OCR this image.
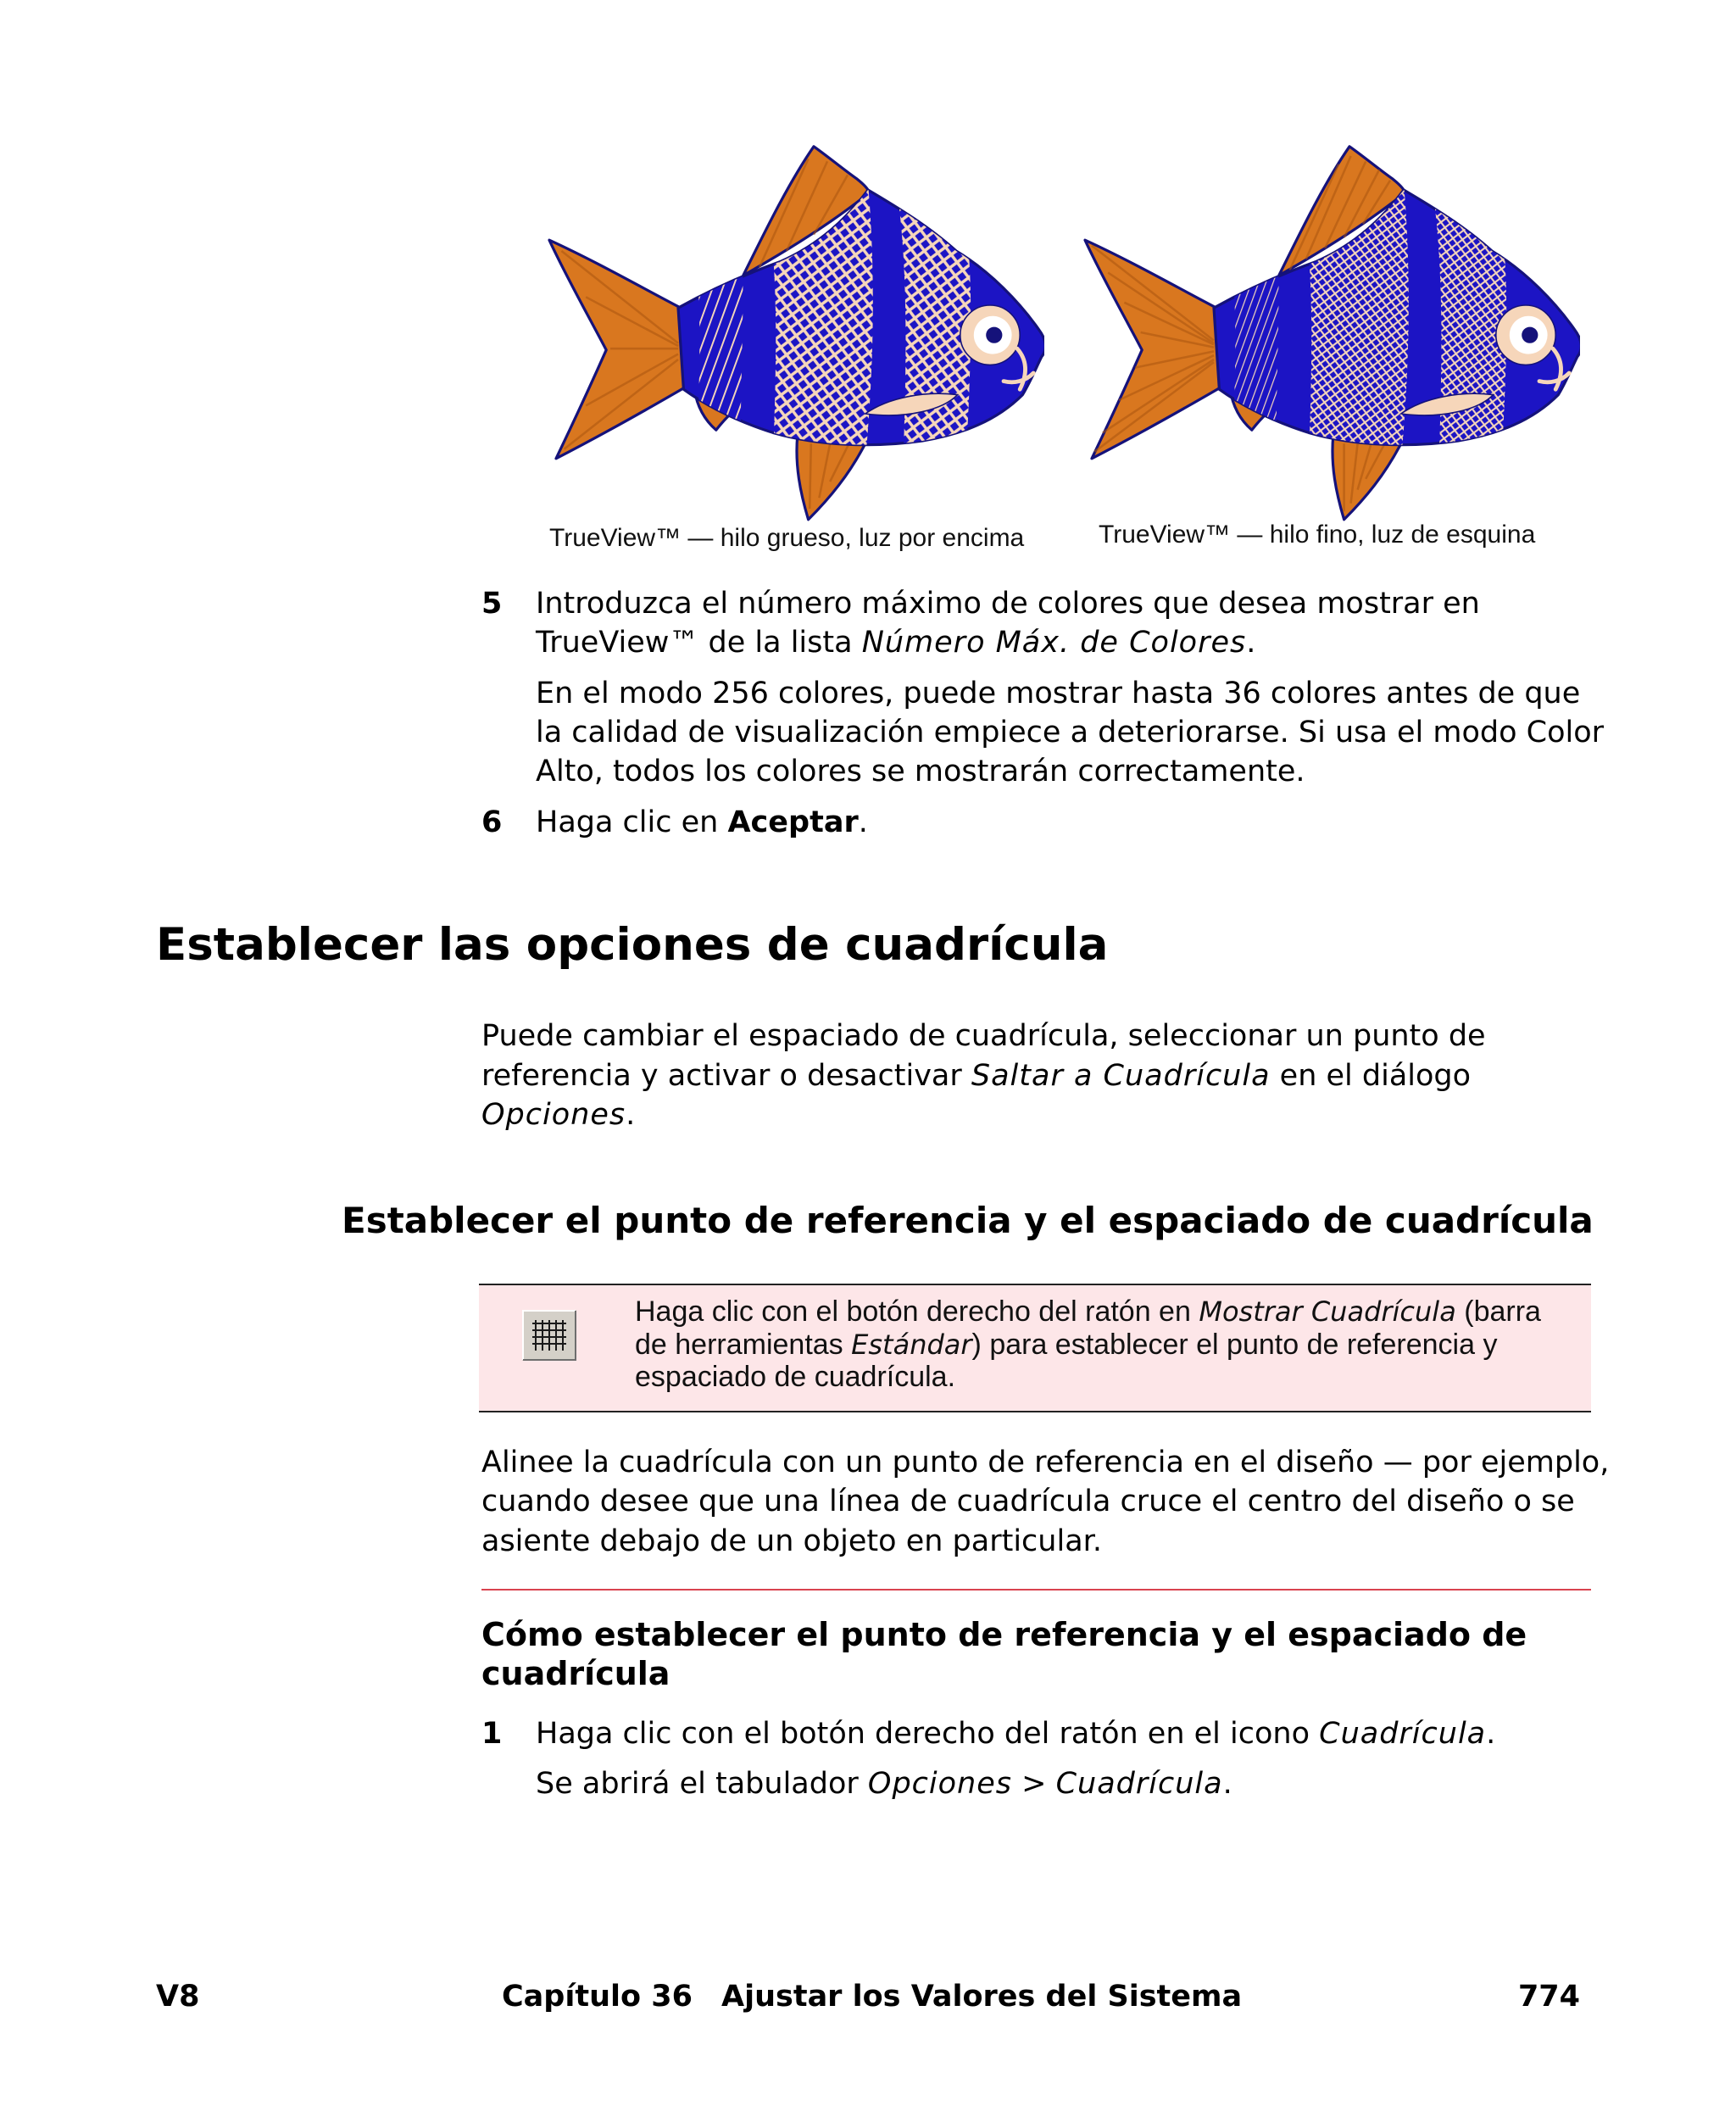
TrueView™ — hilo grueso, luz por encima	TrueView™ — hilo fino, luz de esquina
5 Introduzca el número máximo de colores que desea mostrar en
TrueView™ de la lista Número Máx. de Colores.
En el modo 256 colores, puede mostrar hasta 36 colores antes de que
la calidad de visualización empiece a deteriorarse. Si usa el modo Color
Alto, todos los colores se mostrarán correctamente.
6 Haga clic en Aceptar.
Establecer las opciones de cuadrícula
Puede cambiar el espaciado de cuadrícula, seleccionar un punto de
referencia y activar o desactivar Saltar a Cuadrícula en el diálogo
Opciones.
Establecer el punto de referencia y el espaciado de cuadrícula
Haga clic con el botón derecho del ratón en Mostrar Cuadrícula (barra
de herramientas Estándar) para establecer el punto de referencia y
espaciado de cuadrícula.
Alinee la cuadrícula con un punto de referencia en el diseño — por ejemplo,
cuando desee que una línea de cuadrícula cruce el centro del diseño o se
asiente debajo de un objeto en particular.
Cómo establecer el punto de referencia y el espaciado de
cuadrícula
1 Haga clic con el botón derecho del ratón en el icono Cuadrícula.
Se abrirá el tabulador Opciones > Cuadrícula.
V8	Capítulo 36 Ajustar los Valores del Sistema	774
